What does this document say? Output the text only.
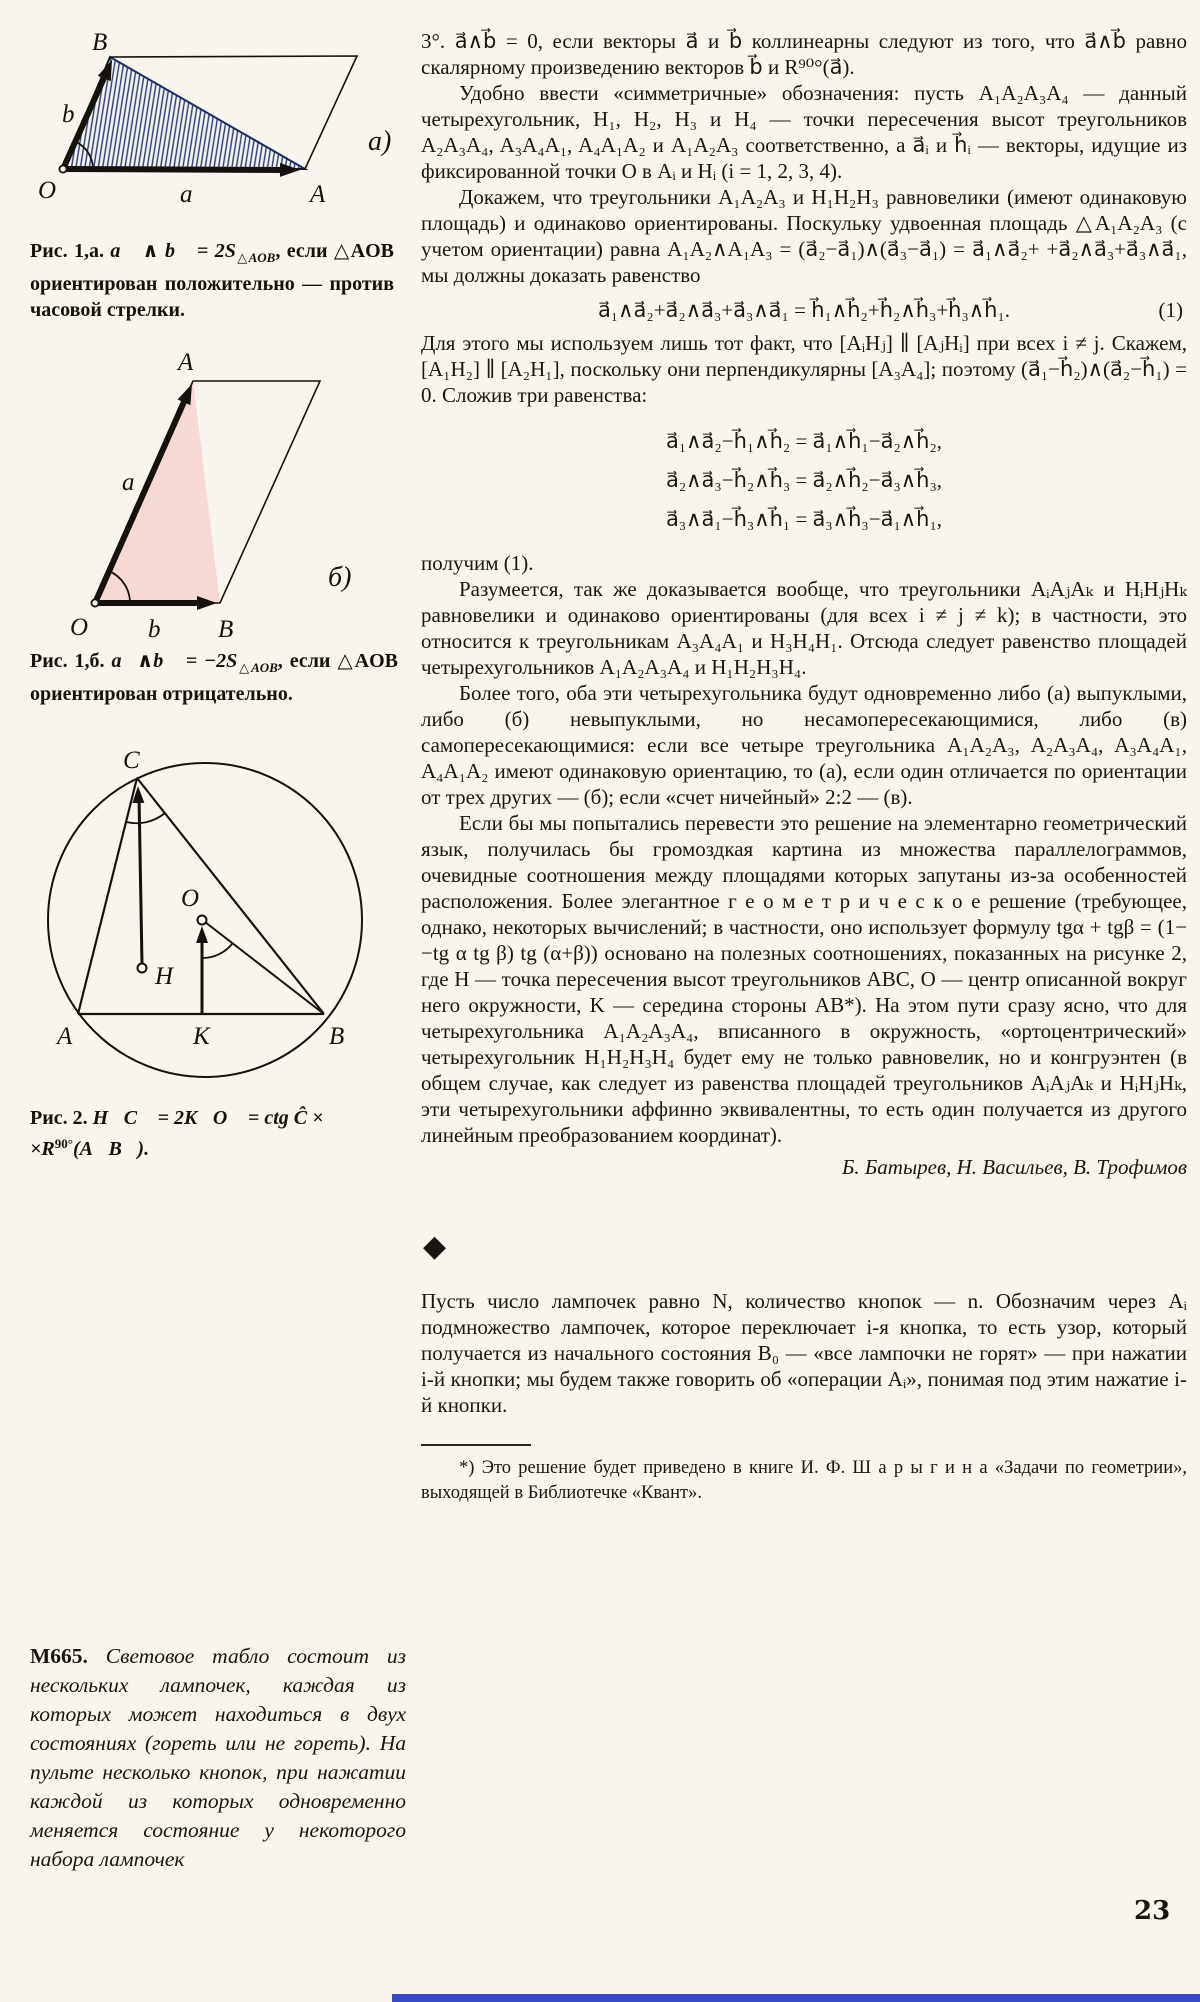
B
b
O	a	A
а)
Рис. 1,а. a⃗ ∧ b⃗ = $2S_{\triangle AOB}$, если △AOB ориентирован положительно — против часовой стрелки.
A
a
O b B
б)
Рис. 1,б. a⃗∧b⃗ = $-2S_{\triangle AOB}$, если △AOB ориентирован отрицательно.
C
O
H
A	K	B
Рис. 2. H⃗C⃗ = 2K⃗O⃗ = ctg Ĉ ×
$\times R^{90^\circ}(A⃗B⃗)$.

М665. Световое табло состоит из нескольких лампочек, каждая из которых может находиться в двух состояниях (гореть или не гореть). На пульте несколько кнопок, при нажатии каждой из которых одновременно меняется состояние у некоторого набора лампочек

3°. a⃗∧b⃗ = 0, если векторы a⃗ и b⃗ коллинеарны следуют из того, что a⃗∧b⃗ равно скалярному произведению векторов b⃗ и R⁹⁰°(a⃗).

Удобно ввести «симметричные» обозначения: пусть A₁A₂A₃A₄ — данный четырехугольник, H₁, H₂, H₃ и H₄ — точки пересечения высот треугольников A₂A₃A₄, A₃A₄A₁, A₄A₁A₂ и A₁A₂A₃ соответственно, а a⃗ᵢ и h⃗ᵢ — векторы, идущие из фиксированной точки O в Aᵢ и Hᵢ (i = 1, 2, 3, 4).

Докажем, что треугольники A₁A₂A₃ и H₁H₂H₃ равновелики (имеют одинаковую площадь) и одинаково ориентированы. Поскульку удвоенная площадь △A₁A₂A₃ (с учетом ориентации) равна A₁A₂∧A₁A₃ = (a⃗₂−a⃗₁)∧(a⃗₃−a⃗₁) = a⃗₁∧a⃗₂+ +a⃗₂∧a⃗₃+a⃗₃∧a⃗₁, мы должны доказать равенство

a⃗₁∧a⃗₂+a⃗₂∧a⃗₃+a⃗₃∧a⃗₁ = h⃗₁∧h⃗₂+h⃗₂∧h⃗₃+h⃗₃∧h⃗₁.	(1)

Для этого мы используем лишь тот факт, что [AᵢHⱼ] ∥ [AⱼHᵢ] при всех i ≠ j. Скажем, [A₁H₂] ∥ [A₂H₁], поскольку они перпендикулярны [A₃A₄]; поэтому (a⃗₁−h⃗₂)∧(a⃗₂−h⃗₁) = 0. Сложив три равенства:

a⃗₁∧a⃗₂−h⃗₁∧h⃗₂ = a⃗₁∧h⃗₁−a⃗₂∧h⃗₂,
a⃗₂∧a⃗₃−h⃗₂∧h⃗₃ = a⃗₂∧h⃗₂−a⃗₃∧h⃗₃,
a⃗₃∧a⃗₁−h⃗₃∧h⃗₁ = a⃗₃∧h⃗₃−a⃗₁∧h⃗₁,

получим (1).

Разумеется, так же доказывается вообще, что треугольники AᵢAⱼAₖ и HᵢHⱼHₖ равновелики и одинаково ориентированы (для всех i ≠ j ≠ k); в частности, это относится к треугольникам A₃A₄A₁ и H₃H₄H₁. Отсюда следует равенство площадей четырехугольников A₁A₂A₃A₄ и H₁H₂H₃H₄.

Более того, оба эти четырехугольника будут одновременно либо (а) выпуклыми, либо (б) невыпуклыми, но несамопересекающимися, либо (в) самопересекающимися: если все четыре треугольника A₁A₂A₃, A₂A₃A₄, A₃A₄A₁, A₄A₁A₂ имеют одинаковую ориентацию, то (а), если один отличается по ориентации от трех других — (б); если «счет ничейный» 2:2 — (в).

Если бы мы попытались перевести это решение на элементарно геометрический язык, получилась бы громоздкая картина из множества параллелограммов, очевидные соотношения между площадями которых запутаны из-за особенностей расположения. Более элегантное г е о м е т р и ч е с к о е решение (требующее, однако, некоторых вычислений; в частности, оно использует формулу tgα + tgβ = (1− −tg α tg β) tg (α+β)) основано на полезных соотношениях, показанных на рисунке 2, где H — точка пересечения высот треугольников ABC, O — центр описанной вокруг него окружности, K — середина стороны AB*). На этом пути сразу ясно, что для четырехугольника A₁A₂A₃A₄, вписанного в окружность, «ортоцентрический» четырехугольник H₁H₂H₃H₄ будет ему не только равновелик, но и конгруэнтен (в общем случае, как следует из равенства площадей треугольников AᵢAⱼAₖ и HᵢHⱼHₖ, эти четырехугольники аффинно эквивалентны, то есть один получается из другого линейным преобразованием координат).

Б. Батырев, Н. Васильев, В. Трофимов
◆

Пусть число лампочек равно N, количество кнопок — n. Обозначим через Aᵢ подмножество лампочек, которое переключает i-я кнопка, то есть узор, который получается из начального состояния B₀ — «все лампочки не горят» — при нажатии i-й кнопки; мы будем также говорить об «операции Aᵢ», понимая под этим нажатие i-й кнопки.

*) Это решение будет приведено в книге И. Ф. Ш а р ы г и н а «Задачи по геометрии», выходящей в Библиотечке «Квант».

23
